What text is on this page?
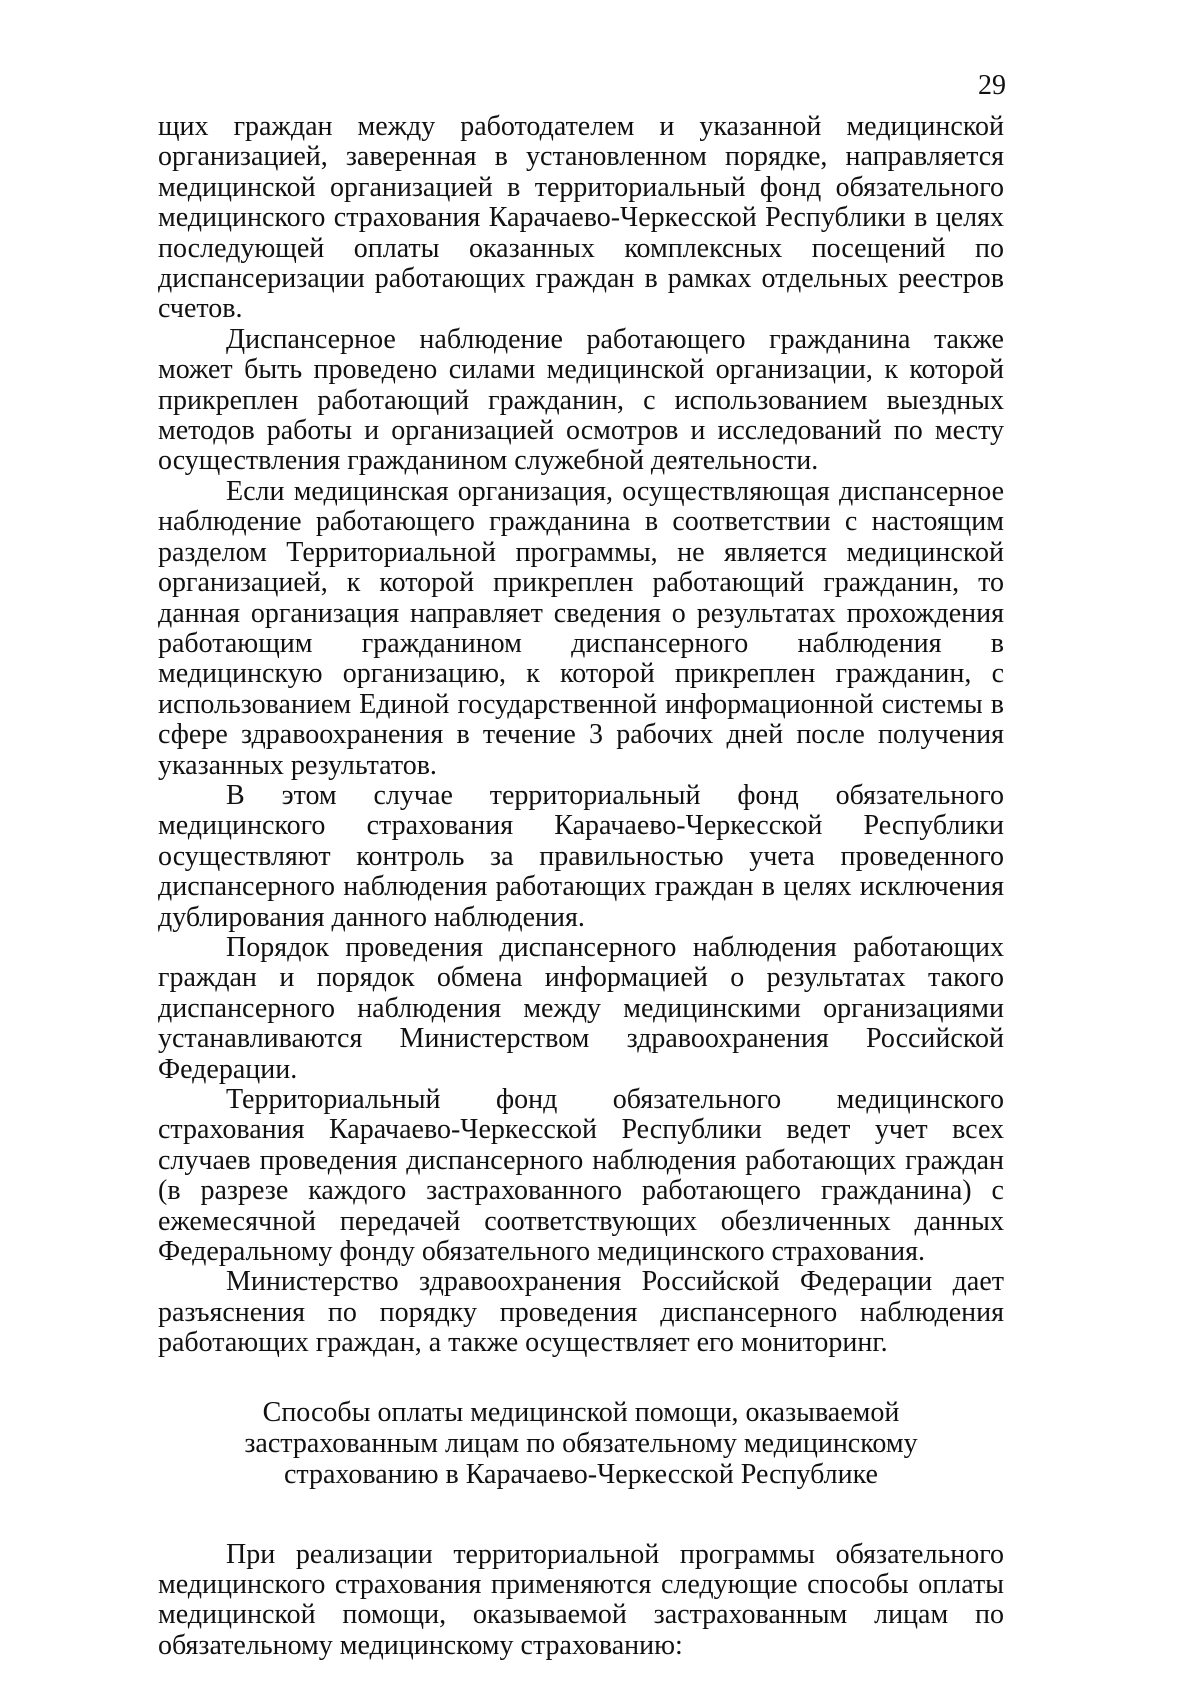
29

щих граждан между работодателем и указанной медицинской организацией, заверенная в установленном порядке, направляется медицинской организацией в территориальный фонд обязательного медицинского страхования Карачаево-Черкесской Республики в целях последующей оплаты оказанных комплексных посещений по диспансеризации работающих граждан в рамках отдельных реестров счетов.

Диспансерное наблюдение работающего гражданина также может быть проведено силами медицинской организации, к которой прикреплен работающий гражданин, с использованием выездных методов работы и организацией осмотров и исследований по месту осуществления гражданином служебной деятельности.

Если медицинская организация, осуществляющая диспансерное наблюдение работающего гражданина в соответствии с настоящим разделом Территориальной программы, не является медицинской организацией, к которой прикреплен работающий гражданин, то данная организация направляет сведения о результатах прохождения работающим гражданином диспансерного наблюдения в медицинскую организацию, к которой прикреплен гражданин, с использованием Единой государственной информационной системы в сфере здравоохранения в течение 3 рабочих дней после получения указанных результатов.

В этом случае территориальный фонд обязательного медицинского страхования Карачаево-Черкесской Республики осуществляют контроль за правильностью учета проведенного диспансерного наблюдения работающих граждан в целях исключения дублирования данного наблюдения.

Порядок проведения диспансерного наблюдения работающих граждан и порядок обмена информацией о результатах такого диспансерного наблюдения между медицинскими организациями устанавливаются Министерством здравоохранения Российской Федерации.

Территориальный фонд обязательного медицинского страхования Карачаево-Черкесской Республики ведет учет всех случаев проведения диспансерного наблюдения работающих граждан (в разрезе каждого застрахованного работающего гражданина) с ежемесячной передачей соответствующих обезличенных данных Федеральному фонду обязательного медицинского страхования.

Министерство здравоохранения Российской Федерации дает разъяснения по порядку проведения диспансерного наблюдения работающих граждан, а также осуществляет его мониторинг.

Способы оплаты медицинской помощи, оказываемой
застрахованным лицам по обязательному медицинскому
страхованию в Карачаево-Черкесской Республике

При реализации территориальной программы обязательного медицинского страхования применяются следующие способы оплаты медицинской помощи, оказываемой застрахованным лицам по обязательному медицинскому страхованию:
